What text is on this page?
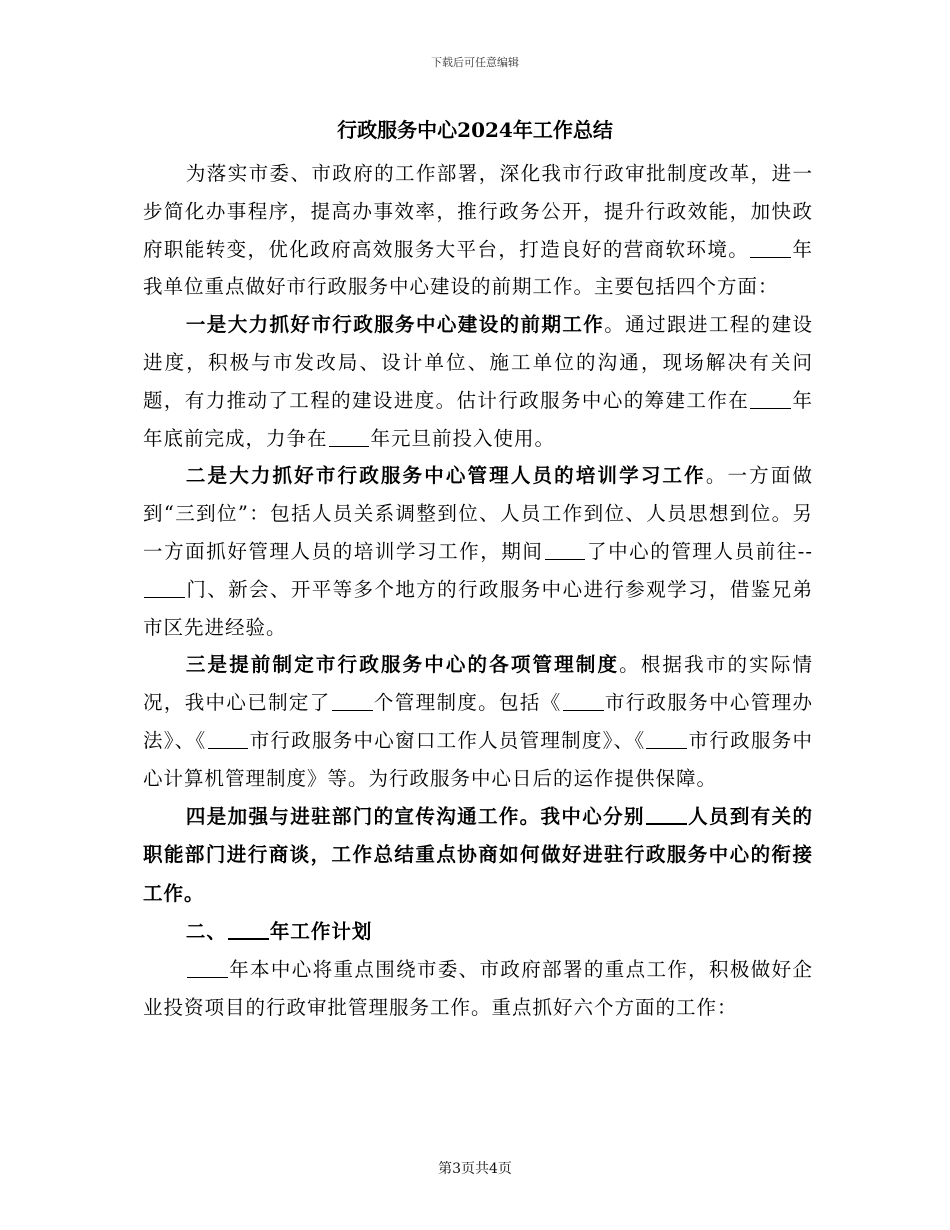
下载后可任意编辑
行政服务中心2024年工作总结

为落实市委、市政府的工作部署，深化我市行政审批制度改革，进一步简化办事程序，提高办事效率，推行政务公开，提升行政效能，加快政府职能转变，优化政府高效服务大平台，打造良好的营商软环境。 年我单位重点做好市行政服务中心建设的前期工作。主要包括四个方面：

一是大力抓好市行政服务中心建设的前期工作。通过跟进工程的建设进度，积极与市发改局、设计单位、施工单位的沟通，现场解决有关问题，有力推动了工程的建设进度。估计行政服务中心的筹建工作在 年年底前完成，力争在 年元旦前投入使用。

二是大力抓好市行政服务中心管理人员的培训学习工作。一方面做到“三到位”：包括人员关系调整到位、人员工作到位、人员思想到位。另一方面抓好管理人员的培训学习工作，期间 了中心的管理人员前往--门、新会、开平等多个地方的行政服务中心进行参观学习，借鉴兄弟市区先进经验。

三是提前制定市行政服务中心的各项管理制度。根据我市的实际情况，我中心已制定了 个管理制度。包括《 市行政服务中心管理办法》、《 市行政服务中心窗口工作人员管理制度》、《 市行政服务中心计算机管理制度》等。为行政服务中心日后的运作提供保障。

四是加强与进驻部门的宣传沟通工作。我中心分别 人员到有关的职能部门进行商谈，工作总结重点协商如何做好进驻行政服务中心的衔接工作。

二、 年工作计划

年本中心将重点围绕市委、市政府部署的重点工作，积极做好企业投资项目的行政审批管理服务工作。重点抓好六个方面的工作：

第3页共4页
